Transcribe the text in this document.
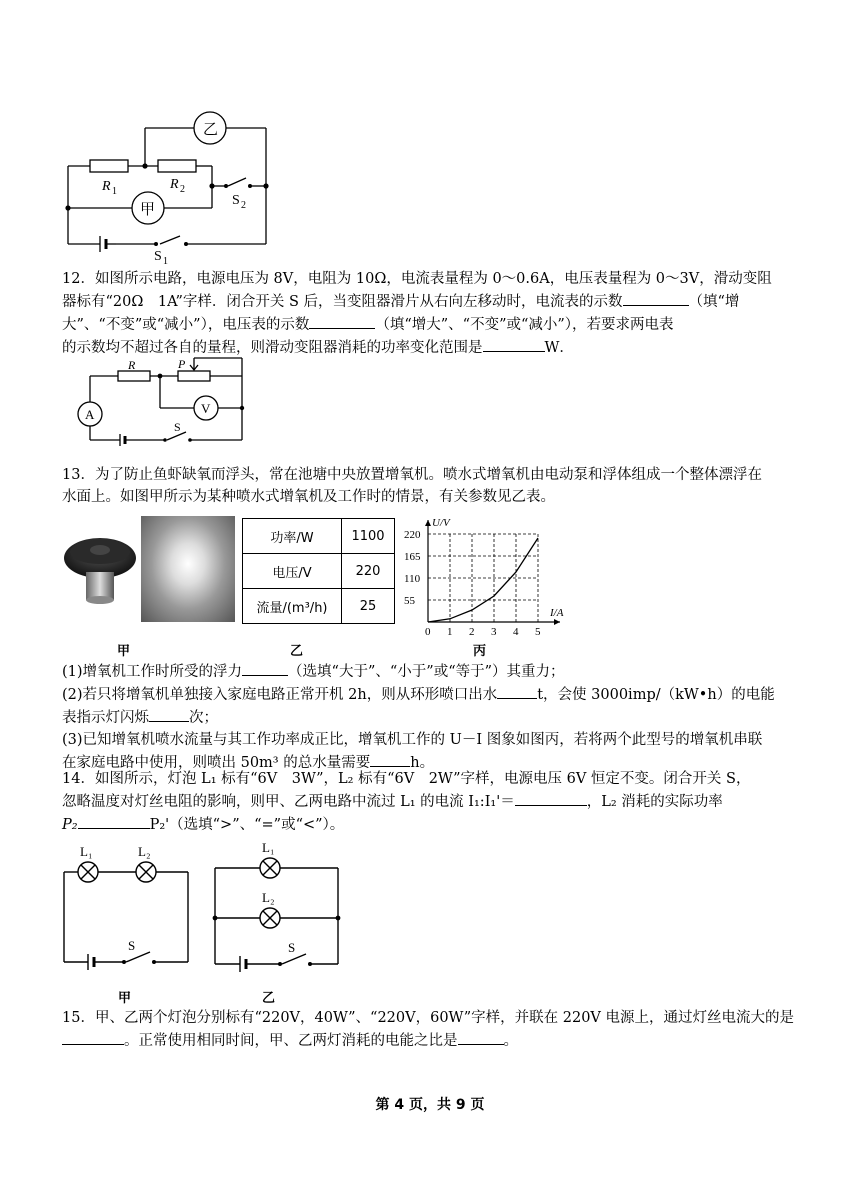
乙
甲
R 1	R 2
S 2
S 1
12．如图所示电路，电源电压为 8V，电阻为 10Ω，电流表量程为 0～0.6A，电压表量程为 0～3V，滑动变阻
器标有“20Ω　1A”字样．闭合开关 S 后，当变阻器滑片从右向左移动时，电流表的示数	（填“增
大”、“不变”或“减小”），电压表的示数	（填“增大”、“不变”或“减小”），若要求两电表
的示数均不超过各自的量程，则滑动变阻器消耗的功率变化范围是	W．
R	P
A	V
S
13．为了防止鱼虾缺氧而浮头，常在池塘中央放置增氧机。喷水式增氧机由电动泵和浮体组成一个整体漂浮在
水面上。如图甲所示为某种喷水式增氧机及工作时的情景，有关参数见乙表。
功率/W	1100
电压/V	220
流量/(m³/h)	25
0 1 2 3 4 5
55
110
165
220
I/A
U/V
甲	乙	丙
(1)增氧机工作时所受的浮力	（选填“大于”、“小于”或“等于”）其重力；
(2)若只将增氧机单独接入家庭电路正常开机 2h，则从环形喷口出水	t，会使 3000imp/（kW•h）的电能
表指示灯闪烁	次；
(3)已知增氧机喷水流量与其工作功率成正比，增氧机工作的 U－I 图象如图丙，若将两个此型号的增氧机串联
在家庭电路中使用，则喷出 50m³ 的总水量需要	h。
14．如图所示，灯泡 L₁ 标有“6V　3W”，L₂ 标有“6V　2W”字样，电源电压 6V 恒定不变。闭合开关 S，
忽略温度对灯丝电阻的影响，则甲、乙两电路中流过 L₁ 的电流 I₁:I₁'＝	，L₂ 消耗的实际功率
P₂	P₂'（选填“>”、“=”或“<”）。
L₁	L₂
S
L₁
L₂
S
甲	乙
15．甲、乙两个灯泡分别标有“220V，40W”、“220V，60W”字样，并联在 220V 电源上，通过灯丝电流大的是
。正常使用相同时间，甲、乙两灯消耗的电能之比是	。
第 4 页，共 9 页
